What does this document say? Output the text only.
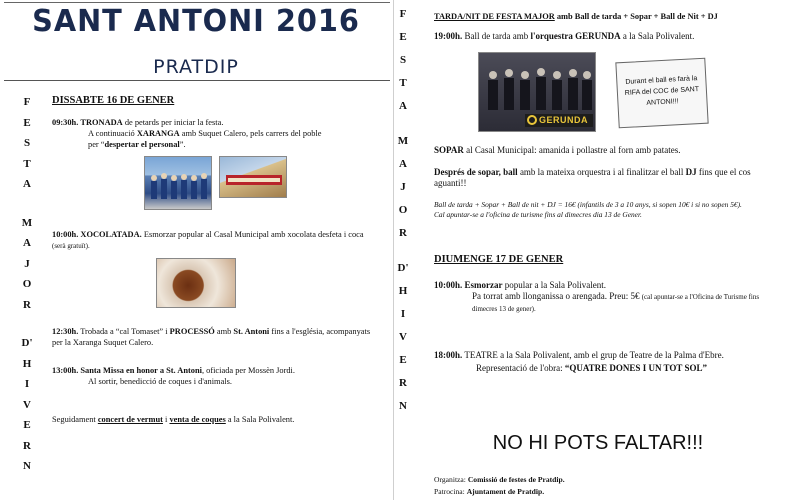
SANT ANTONI 2016
PRATDIP
F
E
S
T
A
M
A
J
O
R
D'
H
I
V
E
R
N
DISSABTE 16 DE GENER
09:30h. TRONADA de petards per iniciar la festa.
A continuació XARANGA amb Suquet Calero, pels carrers del poble
per “despertar el personal”.
10:00h. XOCOLATADA. Esmorzar popular al Casal Municipal amb xocolata desfeta i coca (serà gratuït).
12:30h. Trobada a “cal Tomaset” i PROCESSÓ amb St. Antoni fins a l'església, acompanyats per la Xaranga Suquet Calero.
13:00h. Santa Missa en honor a St. Antoni, oficiada per Mossèn Jordi.
Al sortir, benedicció de coques i d'animals.
Seguidament concert de vermut i venta de coques a la Sala Polivalent.
F
E
S
T
A
M
A
J
O
R
D'
H
I
V
E
R
N
TARDA/NIT DE FESTA MAJOR amb Ball de tarda + Sopar + Ball de Nit + DJ
19:00h. Ball de tarda amb l'orquestra GERUNDA a la Sala Polivalent.
GERUNDA
Durant el ball es farà la RIFA del COC de SANT ANTONI!!!
SOPAR al Casal Municipal: amanida i pollastre al forn amb patates.
Després de sopar, ball amb la mateixa orquestra i al finalitzar el ball DJ fins que el cos aguanti!!
Ball de tarda + Sopar + Ball de nit + DJ = 16€ (infantils de 3 a 10 anys, si sopen 10€ i si no sopen 5€).
Cal apuntar-se a l'oficina de turisme fins al dimecres dia 13 de Gener.
DIUMENGE 17 DE GENER
10:00h. Esmorzar popular a la Sala Polivalent.
Pa torrat amb llonganissa o arengada. Preu: 5€ (cal apuntar-se a l'Oficina de Turisme fins dimecres 13 de gener).
18:00h. TEATRE a la Sala Polivalent, amb el grup de Teatre de la Palma d'Ebre.
Representació de l'obra: “QUATRE DONES I UN TOT SOL”
NO HI POTS FALTAR!!!
Organitza: Comissió de festes de Pratdip.
Patrocina: Ajuntament de Pratdip.
